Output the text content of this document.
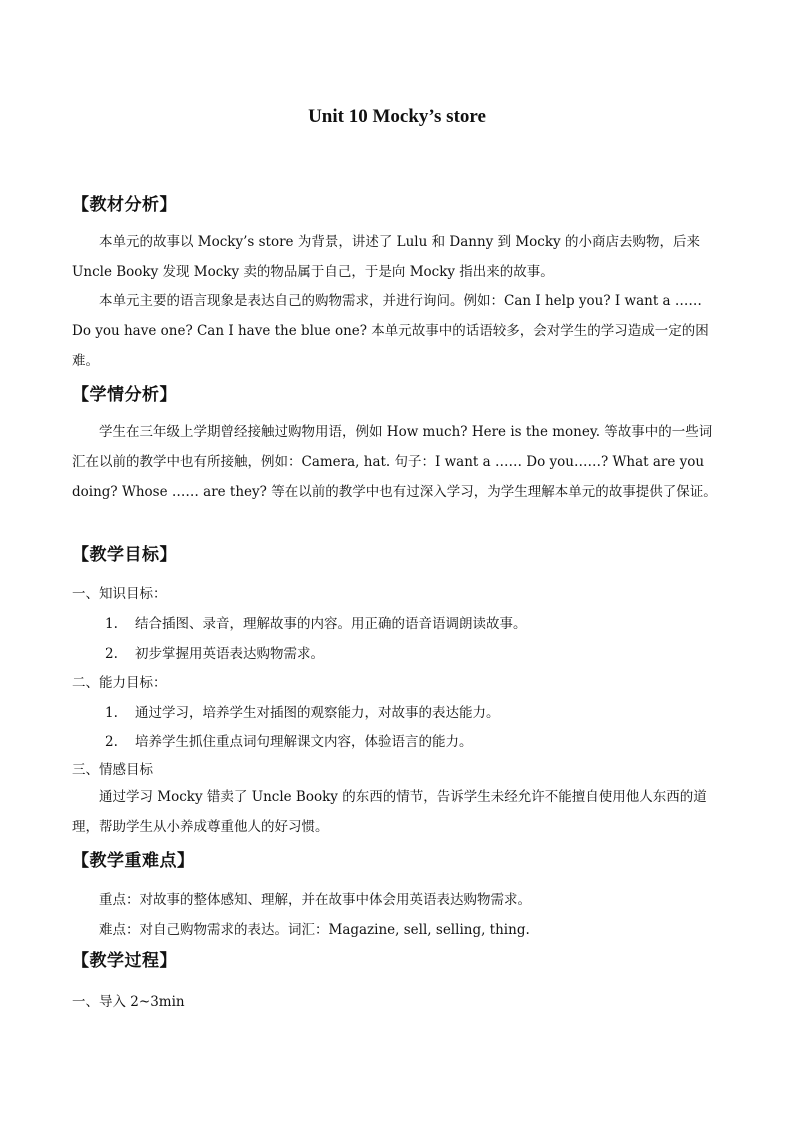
Unit 10 Mocky’s store
【教材分析】
本单元的故事以 Mocky’s store 为背景，讲述了 Lulu 和 Danny 到 Mocky 的小商店去购物，后来 Uncle Booky 发现 Mocky 卖的物品属于自己，于是向 Mocky 指出来的故事。
本单元主要的语言现象是表达自己的购物需求，并进行询问。例如：Can I help you? I want a …… Do you have one? Can I have the blue one? 本单元故事中的话语较多，会对学生的学习造成一定的困难。
【学情分析】
学生在三年级上学期曾经接触过购物用语，例如 How much? Here is the money. 等故事中的一些词汇在以前的教学中也有所接触，例如：Camera, hat. 句子：I want a …… Do you……? What are you doing? Whose …… are they? 等在以前的教学中也有过深入学习，为学生理解本单元的故事提供了保证。
【教学目标】
一、知识目标：
1. 结合插图、录音，理解故事的内容。用正确的语音语调朗读故事。
2. 初步掌握用英语表达购物需求。
二、能力目标：
1. 通过学习，培养学生对插图的观察能力，对故事的表达能力。
2. 培养学生抓住重点词句理解课文内容，体验语言的能力。
三、情感目标
通过学习 Mocky 错卖了 Uncle Booky 的东西的情节，告诉学生未经允许不能擅自使用他人东西的道理，帮助学生从小养成尊重他人的好习惯。
【教学重难点】
重点：对故事的整体感知、理解，并在故事中体会用英语表达购物需求。
难点：对自己购物需求的表达。词汇：Magazine, sell, selling, thing.
【教学过程】
一、导入 2~3min
